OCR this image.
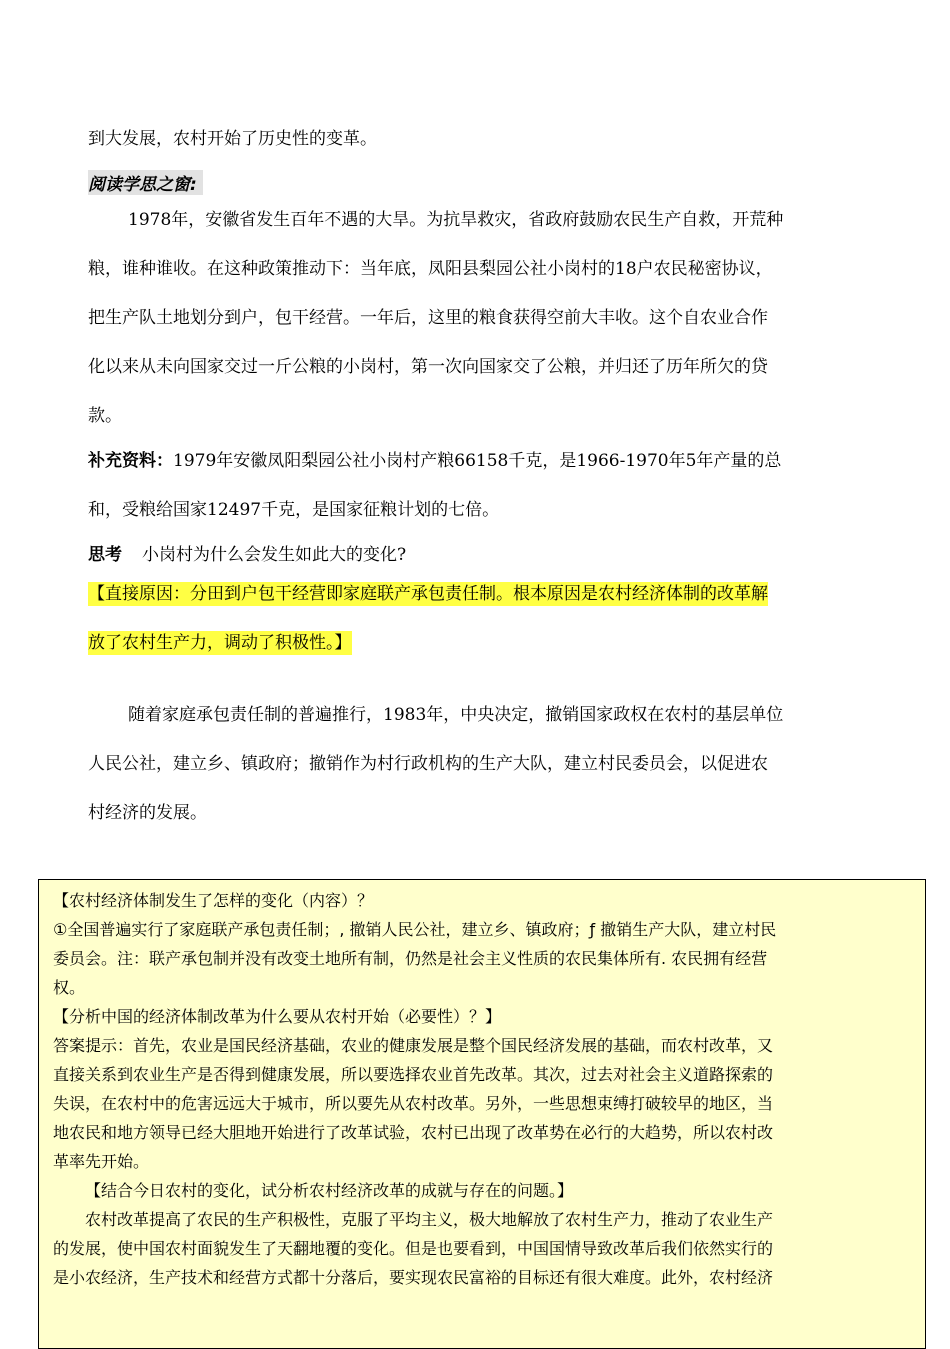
到大发展，农村开始了历史性的变革。

阅读学思之窗:
1978年，安徽省发生百年不遇的大旱。为抗旱救灾，省政府鼓励农民生产自救，开荒种
粮，谁种谁收。在这种政策推动下：当年底，凤阳县梨园公社小岗村的18户农民秘密协议，
把生产队土地划分到户，包干经营。一年后，这里的粮食获得空前大丰收。这个自农业合作
化以来从未向国家交过一斤公粮的小岗村，第一次向国家交了公粮，并归还了历年所欠的贷
款。
补充资料：1979年安徽凤阳梨园公社小岗村产粮66158千克，是1966-1970年5年产量的总
和，受粮给国家12497千克，是国家征粮计划的七倍。
思考 小岗村为什么会发生如此大的变化?
【直接原因：分田到户包干经营即家庭联产承包责任制。根本原因是农村经济体制的改革解
放了农村生产力，调动了积极性。】
随着家庭承包责任制的普遍推行，1983年，中央决定，撤销国家政权在农村的基层单位
人民公社，建立乡、镇政府；撤销作为村行政机构的生产大队，建立村民委员会，以促进农
村经济的发展。
【农村经济体制发生了怎样的变化（内容）？
①全国普遍实行了家庭联产承包责任制；, 撤销人民公社，建立乡、镇政府；ƒ 撤销生产大队，建立村民
委员会。注：联产承包制并没有改变土地所有制，仍然是社会主义性质的农民集体所有. 农民拥有经营
权。
【分析中国的经济体制改革为什么要从农村开始（必要性）？】
答案提示：首先，农业是国民经济基础，农业的健康发展是整个国民经济发展的基础，而农村改革，又
直接关系到农业生产是否得到健康发展，所以要选择农业首先改革。其次，过去对社会主义道路探索的
失误，在农村中的危害远远大于城市，所以要先从农村改革。另外，一些思想束缚打破较早的地区，当
地农民和地方领导已经大胆地开始进行了改革试验，农村已出现了改革势在必行的大趋势，所以农村改
革率先开始。
【结合今日农村的变化，试分析农村经济改革的成就与存在的问题。】
农村改革提高了农民的生产积极性，克服了平均主义，极大地解放了农村生产力，推动了农业生产
的发展，使中国农村面貌发生了天翻地覆的变化。但是也要看到，中国国情导致改革后我们依然实行的
是小农经济，生产技术和经营方式都十分落后，要实现农民富裕的目标还有很大难度。此外，农村经济
